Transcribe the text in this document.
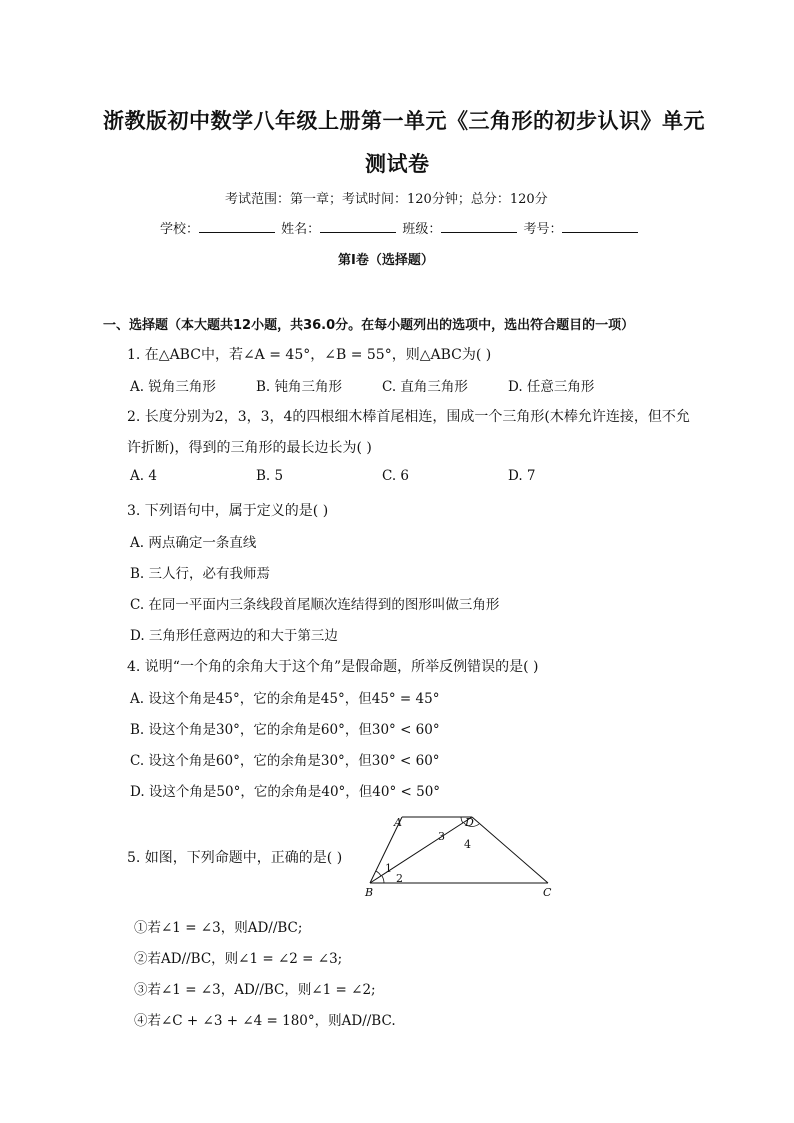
浙教版初中数学八年级上册第一单元《三角形的初步认识》单元
测试卷
考试范围：第一章；考试时间：120分钟；总分：120分
学校：	姓名：	班级：	考号：
第I卷（选择题）
一、选择题（本大题共12小题，共36.0分。在每小题列出的选项中，选出符合题目的一项）
1. 在△ABC中，若∠A = 45°，∠B = 55°，则△ABC为( )
A. 锐角三角形	B. 钝角三角形	C. 直角三角形	D. 任意三角形
2. 长度分别为2，3，3，4的四根细木棒首尾相连，围成一个三角形(木棒允许连接，但不允
许折断)，得到的三角形的最长边长为( )
A. 4	B. 5	C. 6	D. 7
3. 下列语句中，属于定义的是( )
A. 两点确定一条直线
B. 三人行，必有我师焉
C. 在同一平面内三条线段首尾顺次连结得到的图形叫做三角形
D. 三角形任意两边的和大于第三边
4. 说明“一个角的余角大于这个角”是假命题，所举反例错误的是( )
A. 设这个角是45°，它的余角是45°，但45° = 45°
B. 设这个角是30°，它的余角是60°，但30° < 60°
C. 设这个角是60°，它的余角是30°，但30° < 60°
D. 设这个角是50°，它的余角是40°，但40° < 50°
5. 如图，下列命题中，正确的是( )
A	D
B	C
1
2
3
4
①若∠1 = ∠3，则AD//BC;
②若AD//BC，则∠1 = ∠2 = ∠3;
③若∠1 = ∠3，AD//BC，则∠1 = ∠2;
④若∠C + ∠3 + ∠4 = 180°，则AD//BC.
